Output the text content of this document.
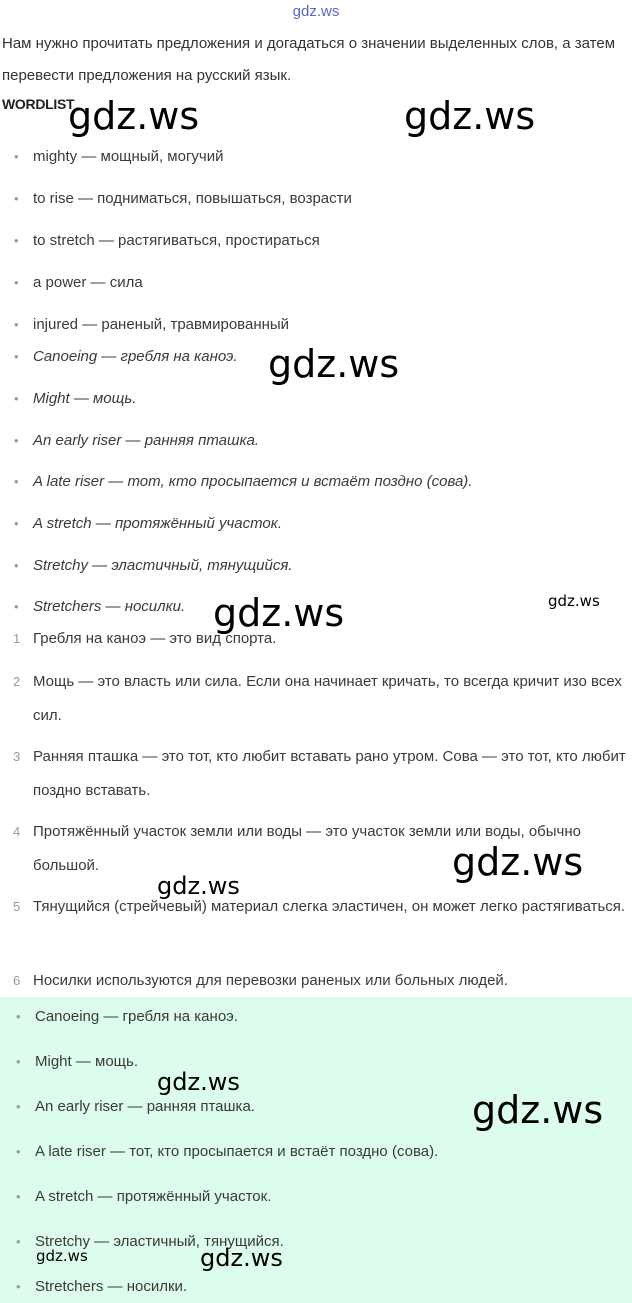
gdz.ws
Нам нужно прочитать предложения и догадаться о значении выделенных слов, а затем перевести предложения на русский язык.
WORDLIST
• mighty — мощный, могучий
• to rise — подниматься, повышаться, возрасти
• to stretch — растягиваться, простираться
• a power — сила
• injured — раненый, травмированный
• Canoeing — гребля на каноэ.
• Might — мощь.
• An early riser — ранняя пташка.
• A late riser — тот, кто просыпается и встаёт поздно (сова).
• A stretch — протяжённый участок.
• Stretchy — эластичный, тянущийся.
• Stretchers — носилки.
1 Гребля на каноэ — это вид спорта.
2 Мощь — это власть или сила. Если она начинает кричать, то всегда кричит изо всех сил.
3 Ранняя пташка — это тот, кто любит вставать рано утром. Сова — это тот, кто любит поздно вставать.
4 Протяжённый участок земли или воды — это участок земли или воды, обычно большой.
5 Тянущийся (стрейчевый) материал слегка эластичен, он может легко растягиваться.
6 Носилки используются для перевозки раненых или больных людей.
• Canoeing — гребля на каноэ.
• Might — мощь.
• An early riser — ранняя пташка.
• A late riser — тот, кто просыпается и встаёт поздно (сова).
• A stretch — протяжённый участок.
• Stretchy — эластичный, тянущийся.
• Stretchers — носилки.
gdz.ws	gdz.ws
gdz.ws
gdz.ws	gdz.ws
gdz.ws
gdz.ws
gdz.ws
gdz.ws
gdz.ws	gdz.ws
